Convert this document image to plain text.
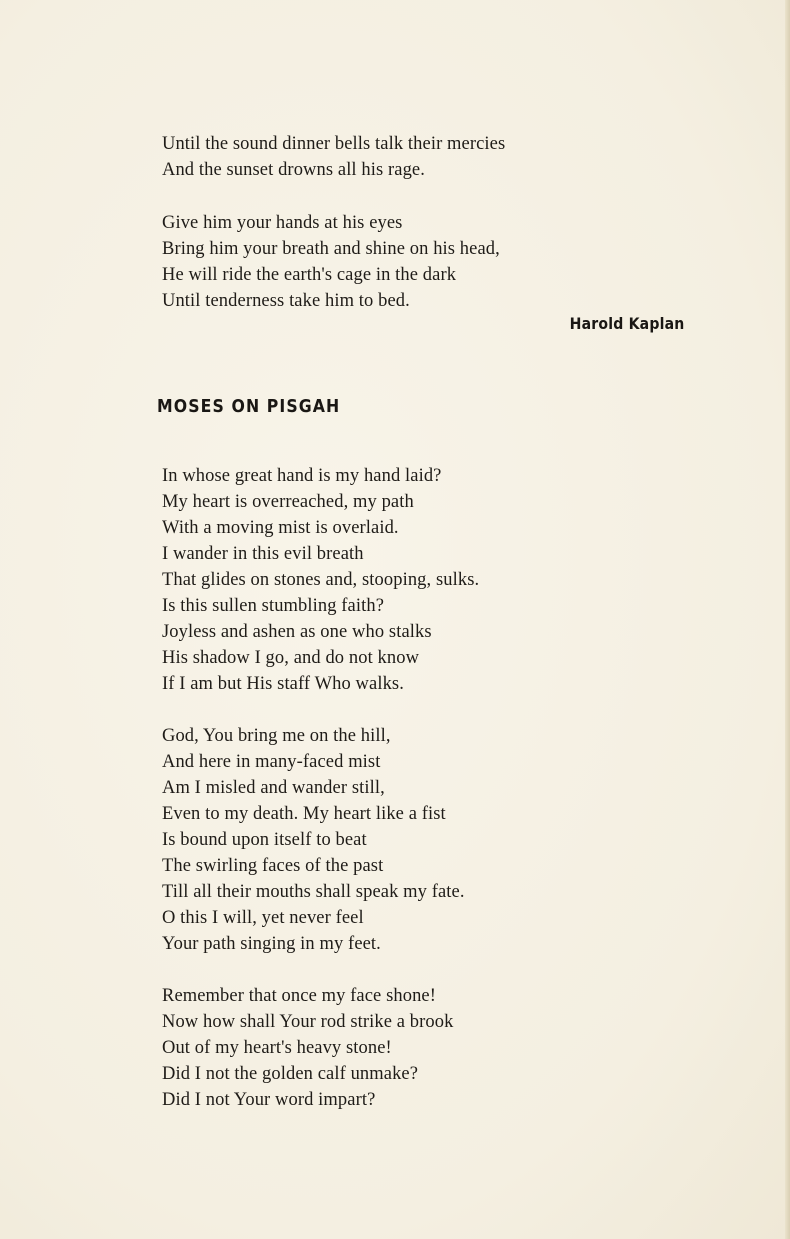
Until the sound dinner bells talk their mercies
And the sunset drowns all his rage.
Give him your hands at his eyes
Bring him your breath and shine on his head,
He will ride the earth's cage in the dark
Until tenderness take him to bed.
Harold Kaplan
MOSES ON PISGAH
In whose great hand is my hand laid?
My heart is overreached, my path
With a moving mist is overlaid.
I wander in this evil breath
That glides on stones and, stooping, sulks.
Is this sullen stumbling faith?
Joyless and ashen as one who stalks
His shadow I go, and do not know
If I am but His staff Who walks.
God, You bring me on the hill,
And here in many-faced mist
Am I misled and wander still,
Even to my death. My heart like a fist
Is bound upon itself to beat
The swirling faces of the past
Till all their mouths shall speak my fate.
O this I will, yet never feel
Your path singing in my feet.
Remember that once my face shone!
Now how shall Your rod strike a brook
Out of my heart's heavy stone!
Did I not the golden calf unmake?
Did I not Your word impart?
